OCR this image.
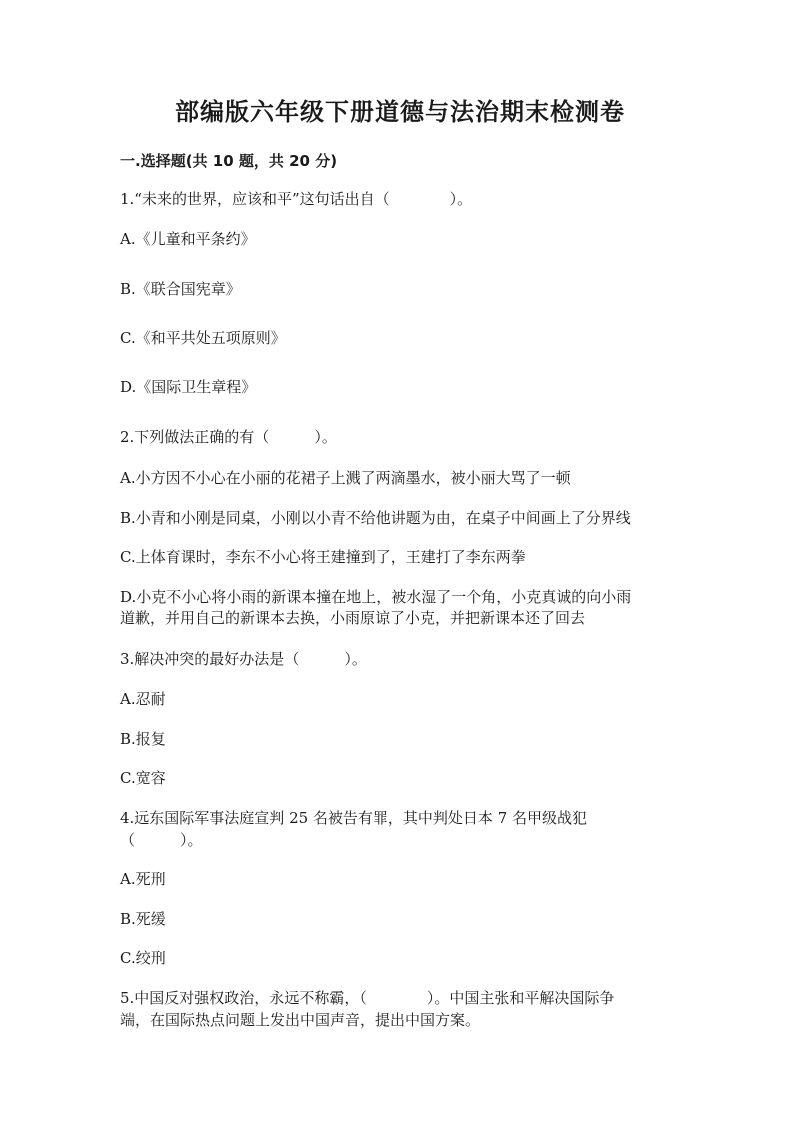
部编版六年级下册道德与法治期末检测卷
一.选择题(共 10 题，共 20 分)
1.“未来的世界，应该和平”这句话出自（　　　　）。
A.《儿童和平条约》
B.《联合国宪章》
C.《和平共处五项原则》
D.《国际卫生章程》
2.下列做法正确的有（　　　）。
A.小方因不小心在小丽的花裙子上溅了两滴墨水，被小丽大骂了一顿
B.小青和小刚是同桌，小刚以小青不给他讲题为由，在桌子中间画上了分界线
C.上体育课时，李东不小心将王建撞到了，王建打了李东两拳
D.小克不小心将小雨的新课本撞在地上，被水湿了一个角，小克真诚的向小雨
道歉，并用自己的新课本去换，小雨原谅了小克，并把新课本还了回去
3.解决冲突的最好办法是（　　　）。
A.忍耐
B.报复
C.宽容
4.远东国际军事法庭宣判 25 名被告有罪，其中判处日本 7 名甲级战犯
（　　　）。
A.死刑
B.死缓
C.绞刑
5.中国反对强权政治，永远不称霸，（　　　　）。中国主张和平解决国际争
端，在国际热点问题上发出中国声音，提出中国方案。
